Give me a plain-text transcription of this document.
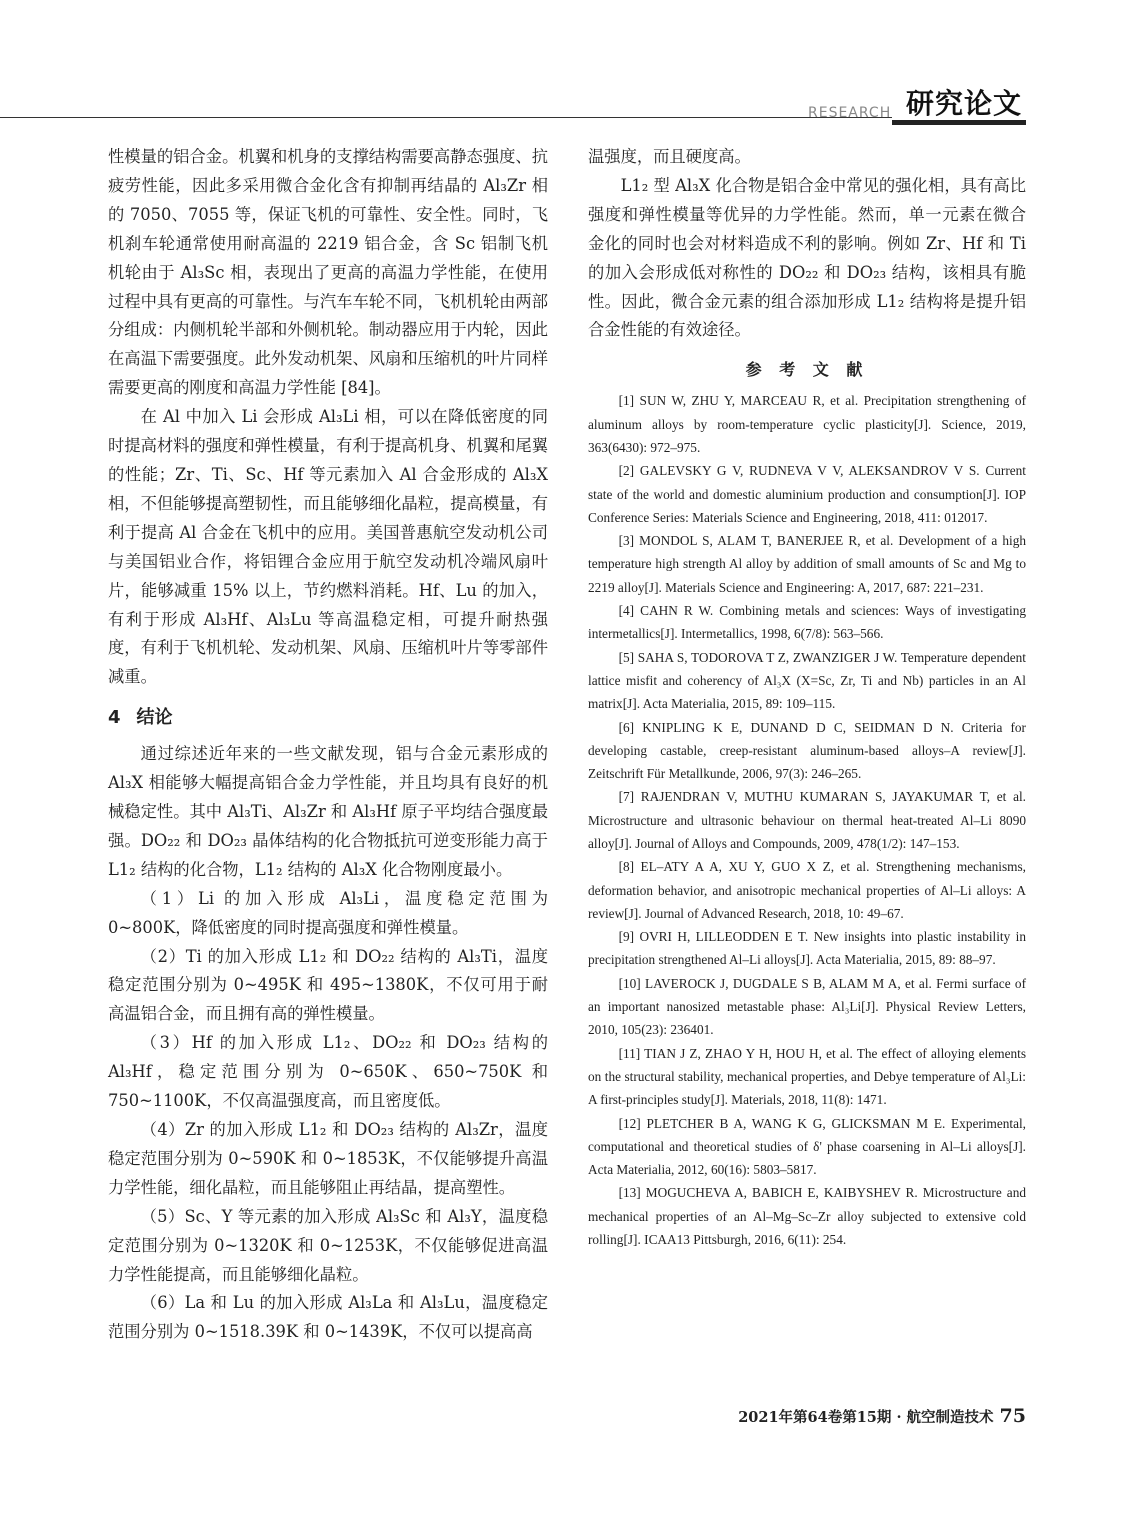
RESEARCH 研究论文

性模量的铝合金。机翼和机身的支撑结构需要高静态强度、抗疲劳性能，因此多采用微合金化含有抑制再结晶的 Al₃Zr 相的 7050、7055 等，保证飞机的可靠性、安全性。同时，飞机刹车轮通常使用耐高温的 2219 铝合金，含 Sc 铝制飞机机轮由于 Al₃Sc 相，表现出了更高的高温力学性能，在使用过程中具有更高的可靠性。与汽车车轮不同，飞机机轮由两部分组成：内侧机轮半部和外侧机轮。制动器应用于内轮，因此在高温下需要强度。此外发动机架、风扇和压缩机的叶片同样需要更高的刚度和高温力学性能 [84]。

在 Al 中加入 Li 会形成 Al₃Li 相，可以在降低密度的同时提高材料的强度和弹性模量，有利于提高机身、机翼和尾翼的性能；Zr、Ti、Sc、Hf 等元素加入 Al 合金形成的 Al₃X 相，不但能够提高塑韧性，而且能够细化晶粒，提高模量，有利于提高 Al 合金在飞机中的应用。美国普惠航空发动机公司与美国铝业合作，将铝锂合金应用于航空发动机冷端风扇叶片，能够减重 15% 以上，节约燃料消耗。Hf、Lu 的加入，有利于形成 Al₃Hf、Al₃Lu 等高温稳定相，可提升耐热强度，有利于飞机机轮、发动机架、风扇、压缩机叶片等零部件减重。

4 结论

通过综述近年来的一些文献发现，铝与合金元素形成的 Al₃X 相能够大幅提高铝合金力学性能，并且均具有良好的机械稳定性。其中 Al₃Ti、Al₃Zr 和 Al₃Hf 原子平均结合强度最强。DO₂₂ 和 DO₂₃ 晶体结构的化合物抵抗可逆变形能力高于 L1₂ 结构的化合物，L1₂ 结构的 Al₃X 化合物刚度最小。

（1）Li 的加入形成 Al₃Li，温度稳定范围为 0~800K，降低密度的同时提高强度和弹性模量。

（2）Ti 的加入形成 L1₂ 和 DO₂₂ 结构的 Al₃Ti，温度稳定范围分别为 0~495K 和 495~1380K，不仅可用于耐高温铝合金，而且拥有高的弹性模量。

（3）Hf 的加入形成 L1₂、DO₂₂ 和 DO₂₃ 结构的 Al₃Hf，稳定范围分别为 0~650K、650~750K 和 750~1100K，不仅高温强度高，而且密度低。

（4）Zr 的加入形成 L1₂ 和 DO₂₃ 结构的 Al₃Zr，温度稳定范围分别为 0~590K 和 0~1853K，不仅能够提升高温力学性能，细化晶粒，而且能够阻止再结晶，提高塑性。

（5）Sc、Y 等元素的加入形成 Al₃Sc 和 Al₃Y，温度稳定范围分别为 0~1320K 和 0~1253K，不仅能够促进高温力学性能提高，而且能够细化晶粒。

（6）La 和 Lu 的加入形成 Al₃La 和 Al₃Lu，温度稳定范围分别为 0~1518.39K 和 0~1439K，不仅可以提高高

温强度，而且硬度高。

L1₂ 型 Al₃X 化合物是铝合金中常见的强化相，具有高比强度和弹性模量等优异的力学性能。然而，单一元素在微合金化的同时也会对材料造成不利的影响。例如 Zr、Hf 和 Ti 的加入会形成低对称性的 DO₂₂ 和 DO₂₃ 结构，该相具有脆性。因此，微合金元素的组合添加形成 L1₂ 结构将是提升铝合金性能的有效途径。

参 考 文 献

[1] SUN W, ZHU Y, MARCEAU R, et al. Precipitation strengthening of aluminum alloys by room-temperature cyclic plasticity[J]. Science, 2019, 363(6430): 972–975.

[2] GALEVSKY G V, RUDNEVA V V, ALEKSANDROV V S. Current state of the world and domestic aluminium production and consumption[J]. IOP Conference Series: Materials Science and Engineering, 2018, 411: 012017.

[3] MONDOL S, ALAM T, BANERJEE R, et al. Development of a high temperature high strength Al alloy by addition of small amounts of Sc and Mg to 2219 alloy[J]. Materials Science and Engineering: A, 2017, 687: 221–231.

[4] CAHN R W. Combining metals and sciences: Ways of investigating intermetallics[J]. Intermetallics, 1998, 6(7/8): 563–566.

[5] SAHA S, TODOROVA T Z, ZWANZIGER J W. Temperature dependent lattice misfit and coherency of Al₃X (X=Sc, Zr, Ti and Nb) particles in an Al matrix[J]. Acta Materialia, 2015, 89: 109–115.

[6] KNIPLING K E, DUNAND D C, SEIDMAN D N. Criteria for developing castable, creep-resistant aluminum-based alloys–A review[J]. Zeitschrift Für Metallkunde, 2006, 97(3): 246–265.

[7] RAJENDRAN V, MUTHU KUMARAN S, JAYAKUMAR T, et al. Microstructure and ultrasonic behaviour on thermal heat-treated Al–Li 8090 alloy[J]. Journal of Alloys and Compounds, 2009, 478(1/2): 147–153.

[8] EL–ATY A A, XU Y, GUO X Z, et al. Strengthening mechanisms, deformation behavior, and anisotropic mechanical properties of Al–Li alloys: A review[J]. Journal of Advanced Research, 2018, 10: 49–67.

[9] OVRI H, LILLEODDEN E T. New insights into plastic instability in precipitation strengthened Al–Li alloys[J]. Acta Materialia, 2015, 89: 88–97.

[10] LAVEROCK J, DUGDALE S B, ALAM M A, et al. Fermi surface of an important nanosized metastable phase: Al₃Li[J]. Physical Review Letters, 2010, 105(23): 236401.

[11] TIAN J Z, ZHAO Y H, HOU H, et al. The effect of alloying elements on the structural stability, mechanical properties, and Debye temperature of Al₃Li: A first-principles study[J]. Materials, 2018, 11(8): 1471.

[12] PLETCHER B A, WANG K G, GLICKSMAN M E. Experimental, computational and theoretical studies of δ' phase coarsening in Al–Li alloys[J]. Acta Materialia, 2012, 60(16): 5803–5817.

[13] MOGUCHEVA A, BABICH E, KAIBYSHEV R. Microstructure and mechanical properties of an Al–Mg–Sc–Zr alloy subjected to extensive cold rolling[J]. ICAA13 Pittsburgh, 2016, 6(11): 254.

2021年第64卷第15期 · 航空制造技术 75
